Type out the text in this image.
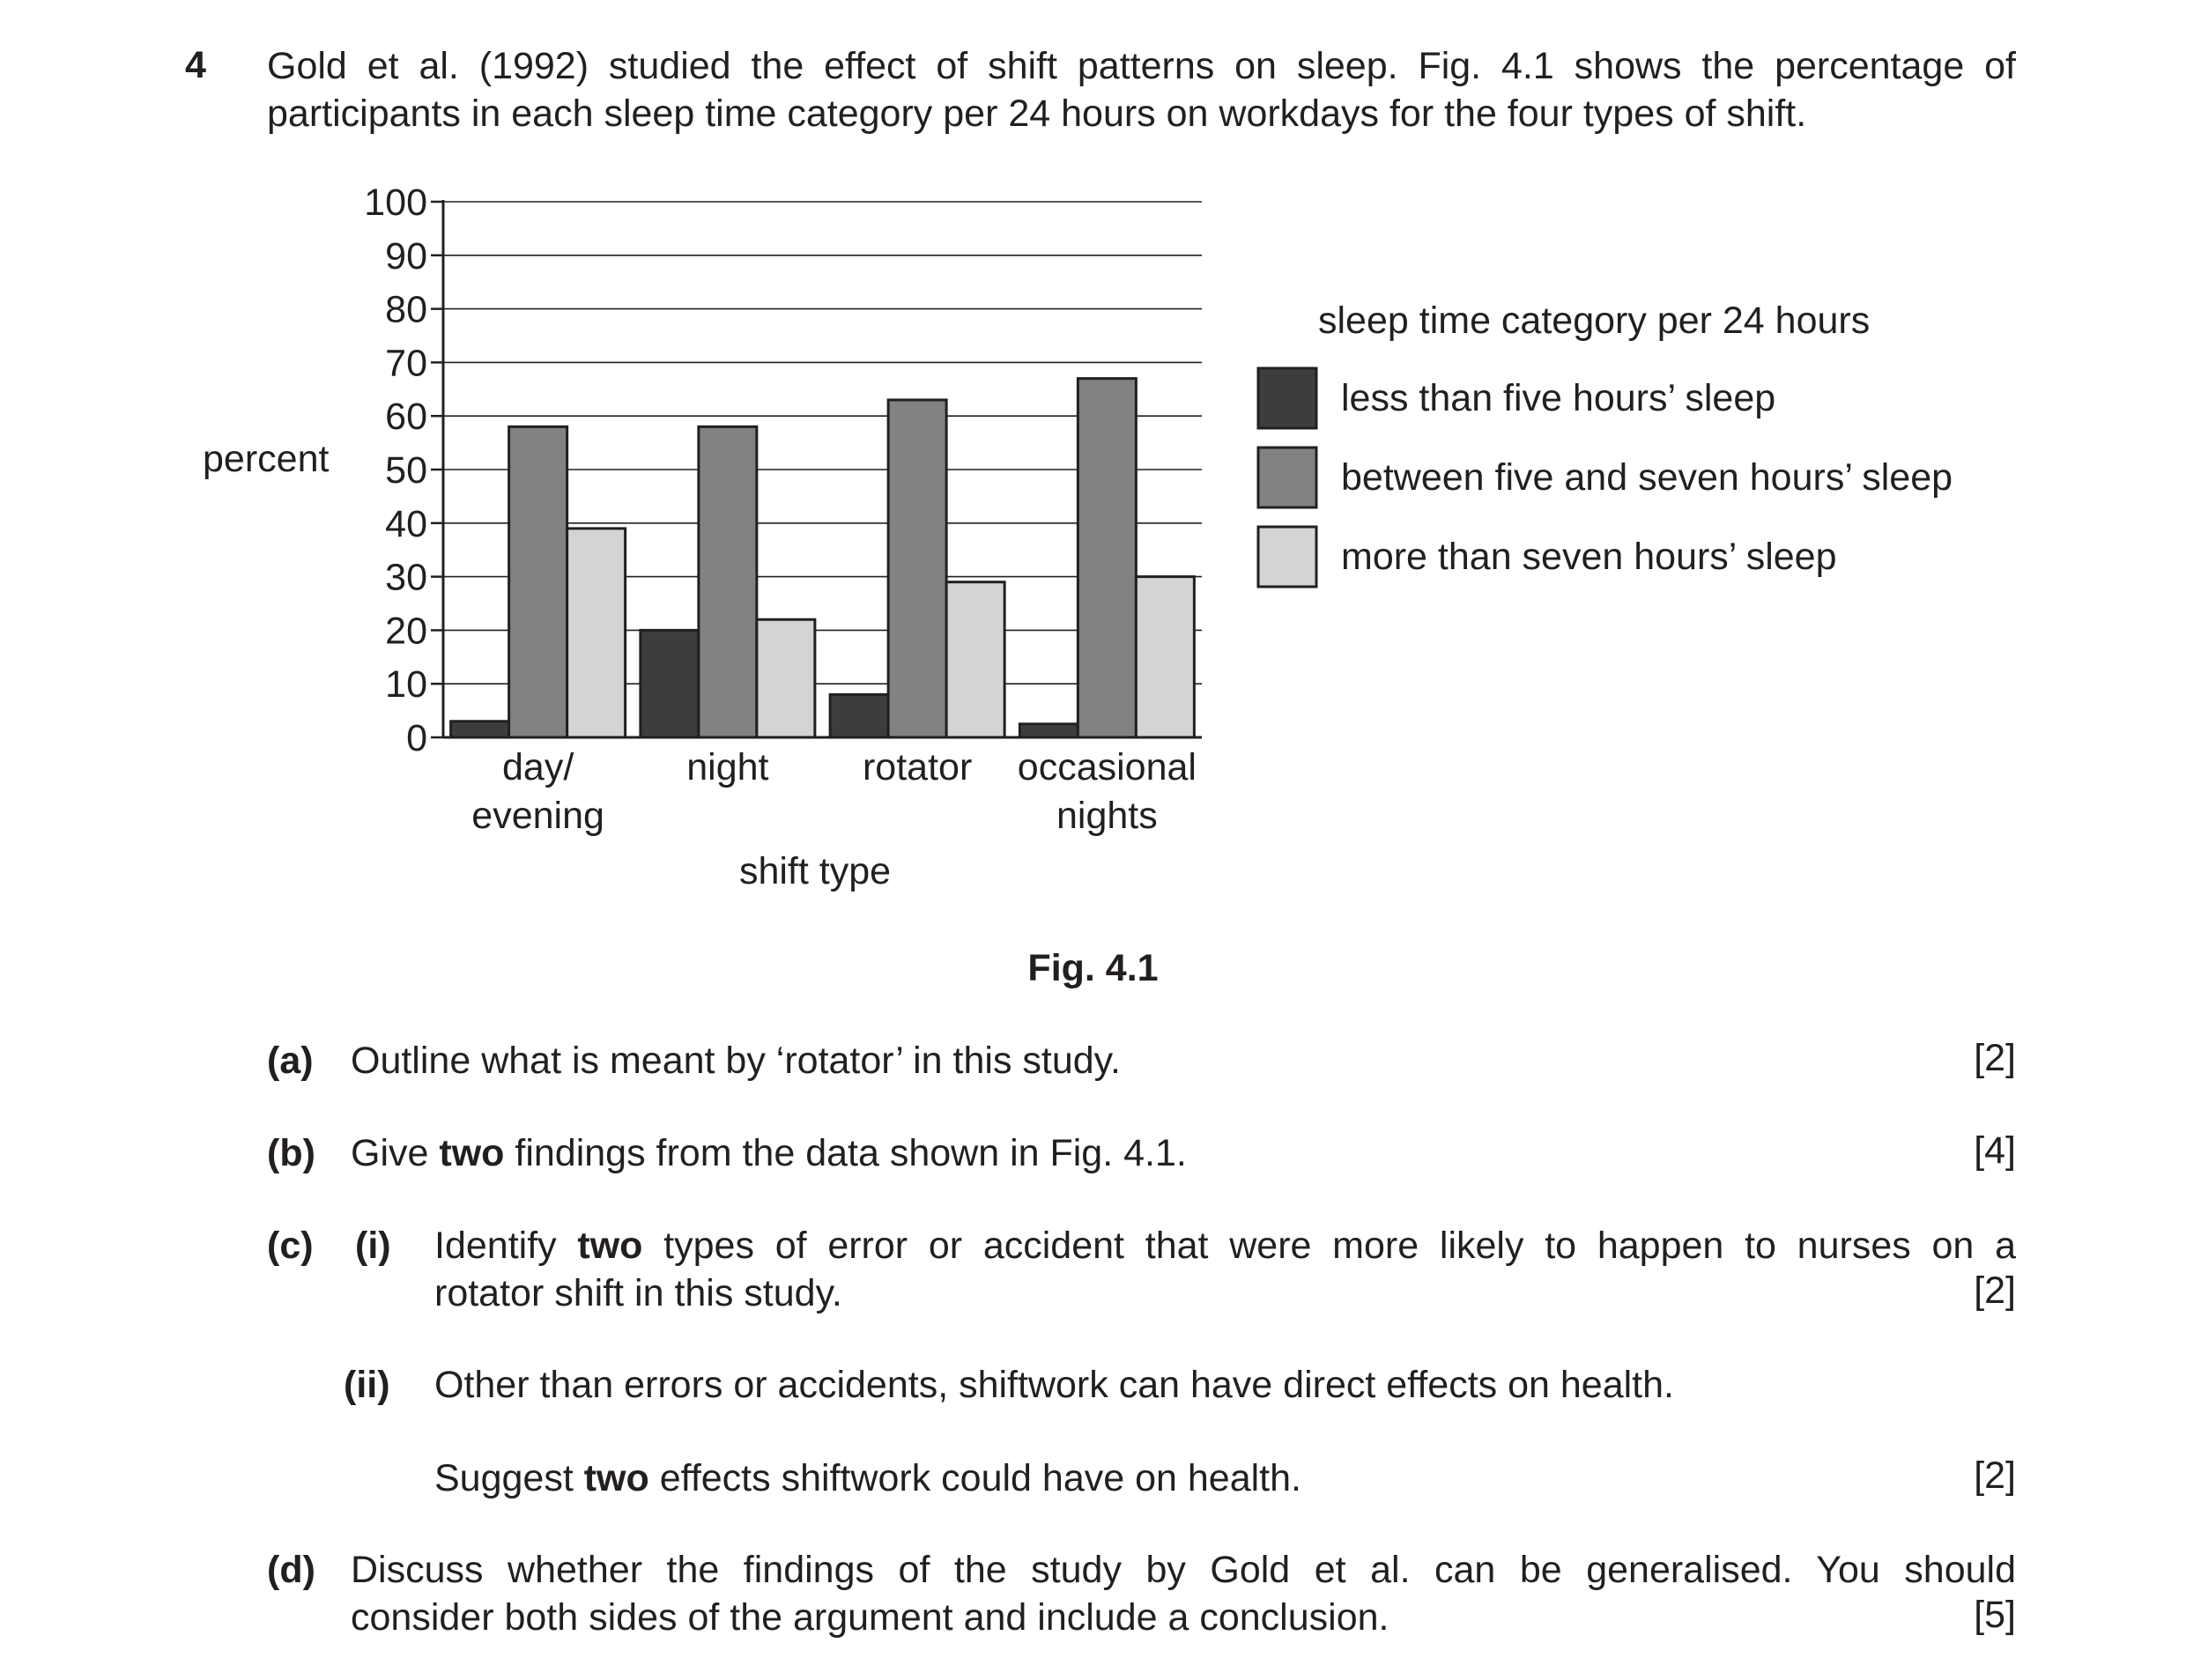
4 Gold et al. (1992) studied the effect of shift patterns on sleep. Fig. 4.1 shows the percentage of

participants in each sleep time category per 24 hours on workdays for the four types of shift.

0
10
20
30
40
50
60
70
80
90
100
day/
evening
night rotator occasional
nights
percent
shift type
sleep time category per 24 hours
less than five hours’ sleep
between five and seven hours’ sleep
more than seven hours’ sleep
Fig. 4.1
(a) Outline what is meant by ‘rotator’ in this study.	[2]
(b) Give two findings from the data shown in Fig. 4.1.	[4]
(c) (i) Identify two types of error or accident that were more likely to happen to nurses on a
rotator shift in this study.	[2]
(ii) Other than errors or accidents, shiftwork can have direct effects on health.
Suggest two effects shiftwork could have on health.	[2]
(d) Discuss whether the findings of the study by Gold et al. can be generalised. You should
consider both sides of the argument and include a conclusion.	[5]
